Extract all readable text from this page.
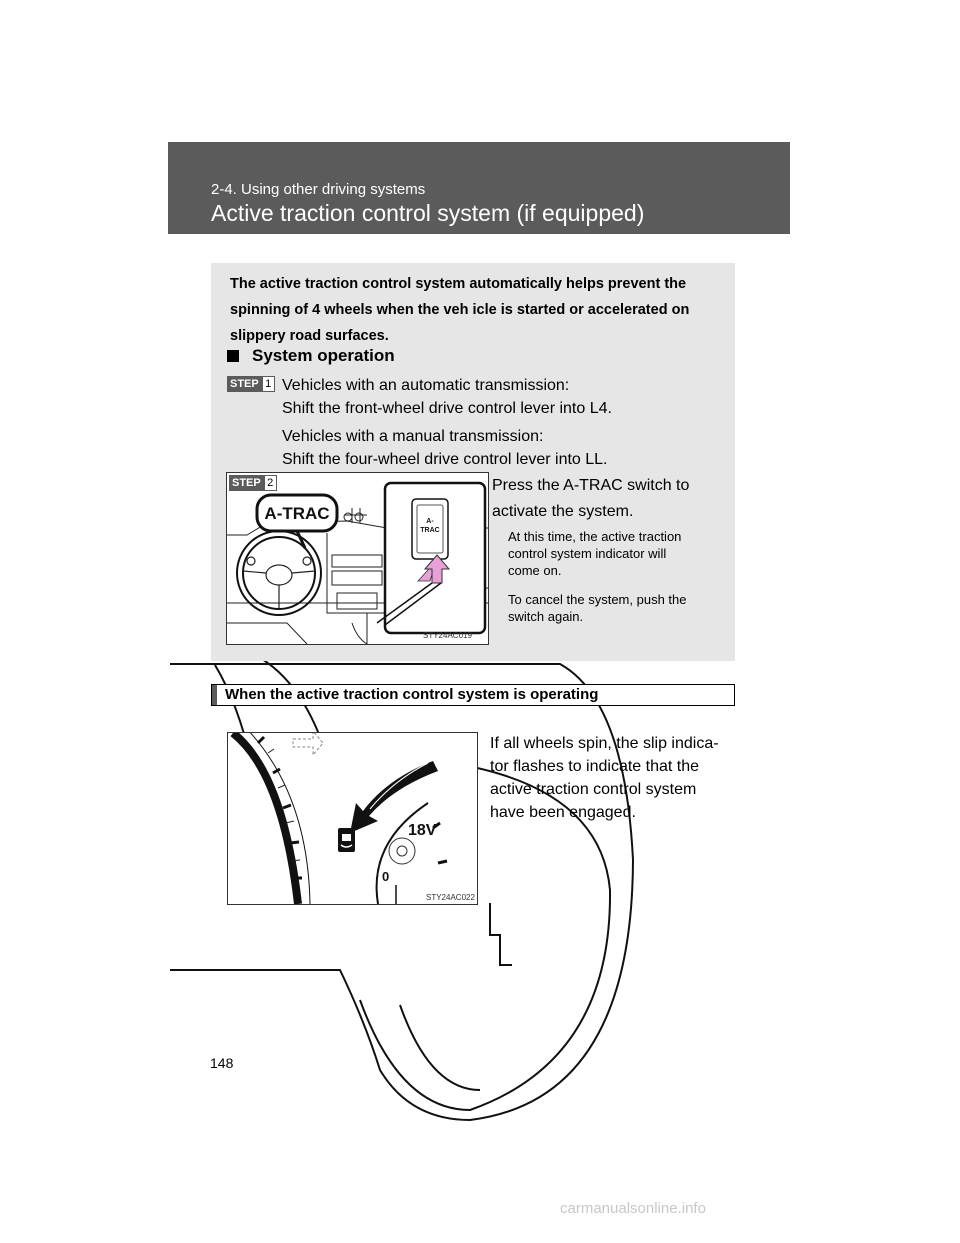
2-4. Using other driving systems
Active traction control system (if equipped)
The active traction control system automatically helps prevent the
spinning of 4 wheels when the veh icle is started or accelerated on
slippery road surfaces.
System operation
STEP 1 Vehicles with an automatic transmission:
Shift the front-wheel drive control lever into L4.

Vehicles with a manual transmission:
Shift the four-wheel drive control lever into LL.

STEP 2
A-TRAC	A-
TRAC
STY24AC019
Press the A-TRAC switch to
activate the system.
At this time, the active traction
control system indicator will
come on.
To cancel the system, push the
switch again.
When the active traction control system is operating
18V
0
STY24AC022
If all wheels spin, the slip indica-
tor flashes to indicate that the
active traction control system
have been engaged.
148
carmanualsonline.info
